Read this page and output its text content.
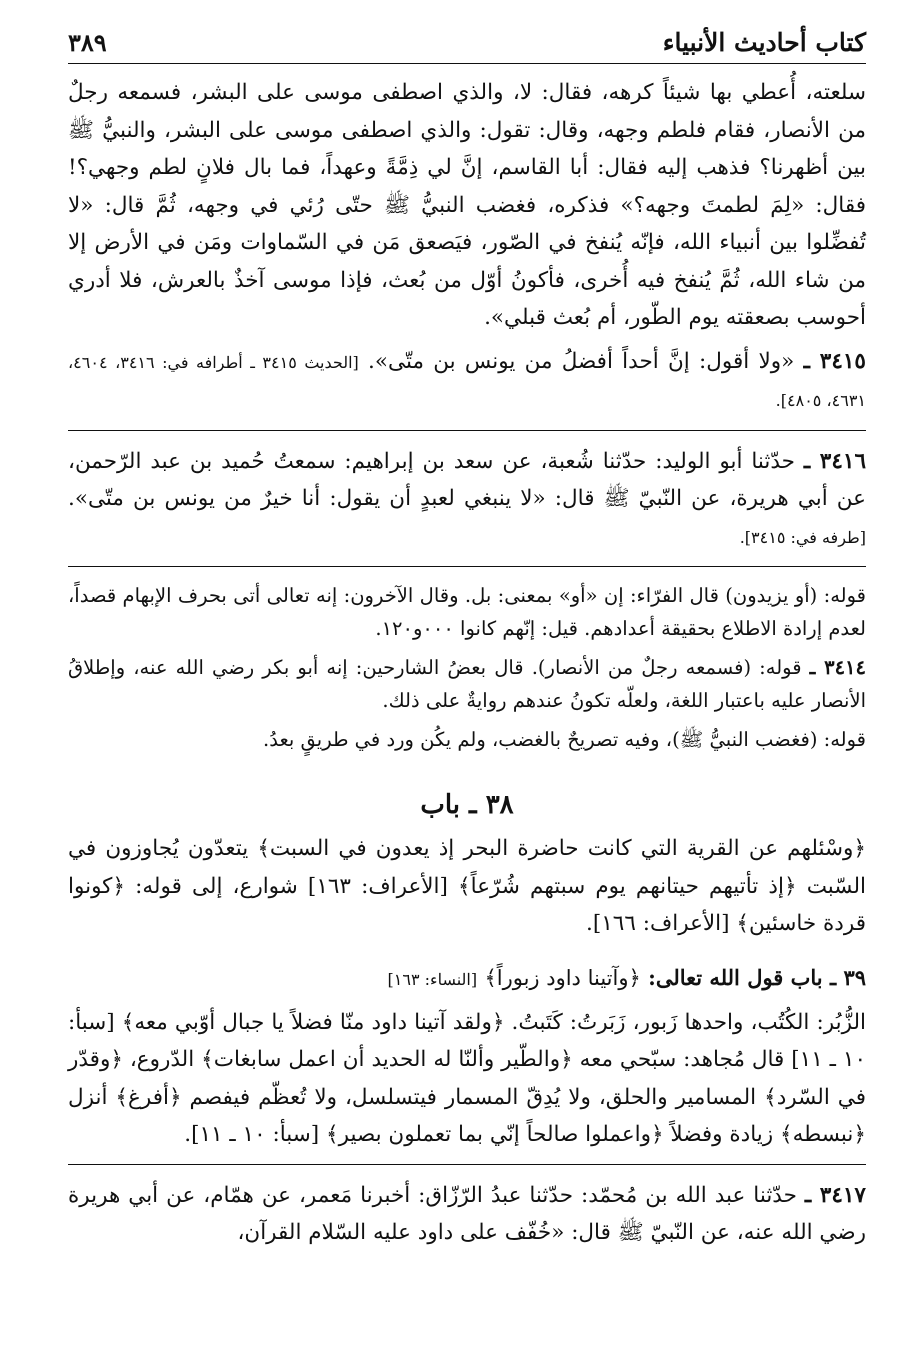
كتاب أحاديث الأنبياء
٣٨٩

سلعته، أُعطي بها شيئاً كرهه، فقال: لا، والذي اصطفى موسى على البشر، فسمعه رجلٌ من الأنصار، فقام فلطم وجهه، وقال: تقول: والذي اصطفى موسى على البشر، والنبيُّ ﷺ بين أظهرنا؟ فذهب إليه فقال: أبا القاسم، إنَّ لي ذِمَّةً وعهداً، فما بال فلانٍ لطم وجهي؟! فقال: «لِمَ لطمتَ وجهه؟» فذكره، فغضب النبيُّ ﷺ حتّى رُئي في وجهه، ثُمَّ قال: «لا تُفضِّلوا بين أنبياء الله، فإنّه يُنفخ في الصّور، فيَصعق مَن في السّماوات ومَن في الأرض إلا من شاء الله، ثُمَّ يُنفخ فيه أُخرى، فأكونُ أوّل من بُعث، فإذا موسى آخذٌ بالعرش، فلا أدري أحوسب بصعقته يوم الطّور، أم بُعث قبلي».

٣٤١٥ ـ «ولا أقول: إنَّ أحداً أفضلُ من يونس بن متّى». [الحديث ٣٤١٥ ـ أطرافه في: ٣٤١٦، ٤٦٠٤، ٤٦٣١، ٤٨٠٥].

٣٤١٦ ـ حدّثنا أبو الوليد: حدّثنا شُعبة، عن سعد بن إبراهيم: سمعتُ حُميد بن عبد الرّحمن، عن أبي هريرة، عن النّبيّ ﷺ قال: «لا ينبغي لعبدٍ أن يقول: أنا خيرٌ من يونس بن متّى». [طرفه في: ٣٤١٥].

قوله: (أو يزيدون) قال الفرّاء: إن «أو» بمعنى: بل. وقال الآخرون: إنه تعالى أتى بحرف الإبهام قصداً، لعدم إرادة الاطلاع بحقيقة أعدادهم. قيل: إنّهم كانوا ٠٠٠و١٢٠.

٣٤١٤ ـ قوله: (فسمعه رجلٌ من الأنصار). قال بعضُ الشارحين: إنه أبو بكر رضي الله عنه، وإطلاقُ الأنصار عليه باعتبار اللغة، ولعلّه تكونُ عندهم روايةٌ على ذلك.

قوله: (فغضب النبيُّ ﷺ)، وفيه تصريحٌ بالغضب، ولم يكُن ورد في طريقٍ بعدُ.

٣٨ ـ باب

﴿وسْئلهم عن القرية التي كانت حاضرة البحر إذ يعدون في السبت﴾ يتعدّون يُجاوزون في السّبت ﴿إذ تأتيهم حيتانهم يوم سبتهم شُرّعاً﴾ [الأعراف: ١٦٣] شوارع، إلى قوله: ﴿كونوا قردة خاسئين﴾ [الأعراف: ١٦٦].

٣٩ ـ باب قول الله تعالى: ﴿وآتينا داود زبوراً﴾ [النساء: ١٦٣]

الزُّبُر: الكُتُب، واحدها زَبور، زَبَرتُ: كَتَبتُ. ﴿ولقد آتينا داود منّا فضلاً يا جبال أوّبي معه﴾ [سبأ: ١٠ ـ ١١] قال مُجاهد: سبّحي معه ﴿والطّير وألنّا له الحديد أن اعمل سابغات﴾ الدّروع، ﴿وقدّر في السّرد﴾ المسامير والحلق، ولا يُدِقّ المسمار فيتسلسل، ولا تُعظّم فيفصم ﴿أفرغ﴾ أنزل ﴿نبسطه﴾ زيادة وفضلاً ﴿واعملوا صالحاً إنّي بما تعملون بصير﴾ [سبأ: ١٠ ـ ١١].

٣٤١٧ ـ حدّثنا عبد الله بن مُحمّد: حدّثنا عبدُ الرّزّاق: أخبرنا مَعمر، عن همّام، عن أبي هريرة رضي الله عنه، عن النّبيّ ﷺ قال: «خُفّف على داود عليه السّلام القرآن،
